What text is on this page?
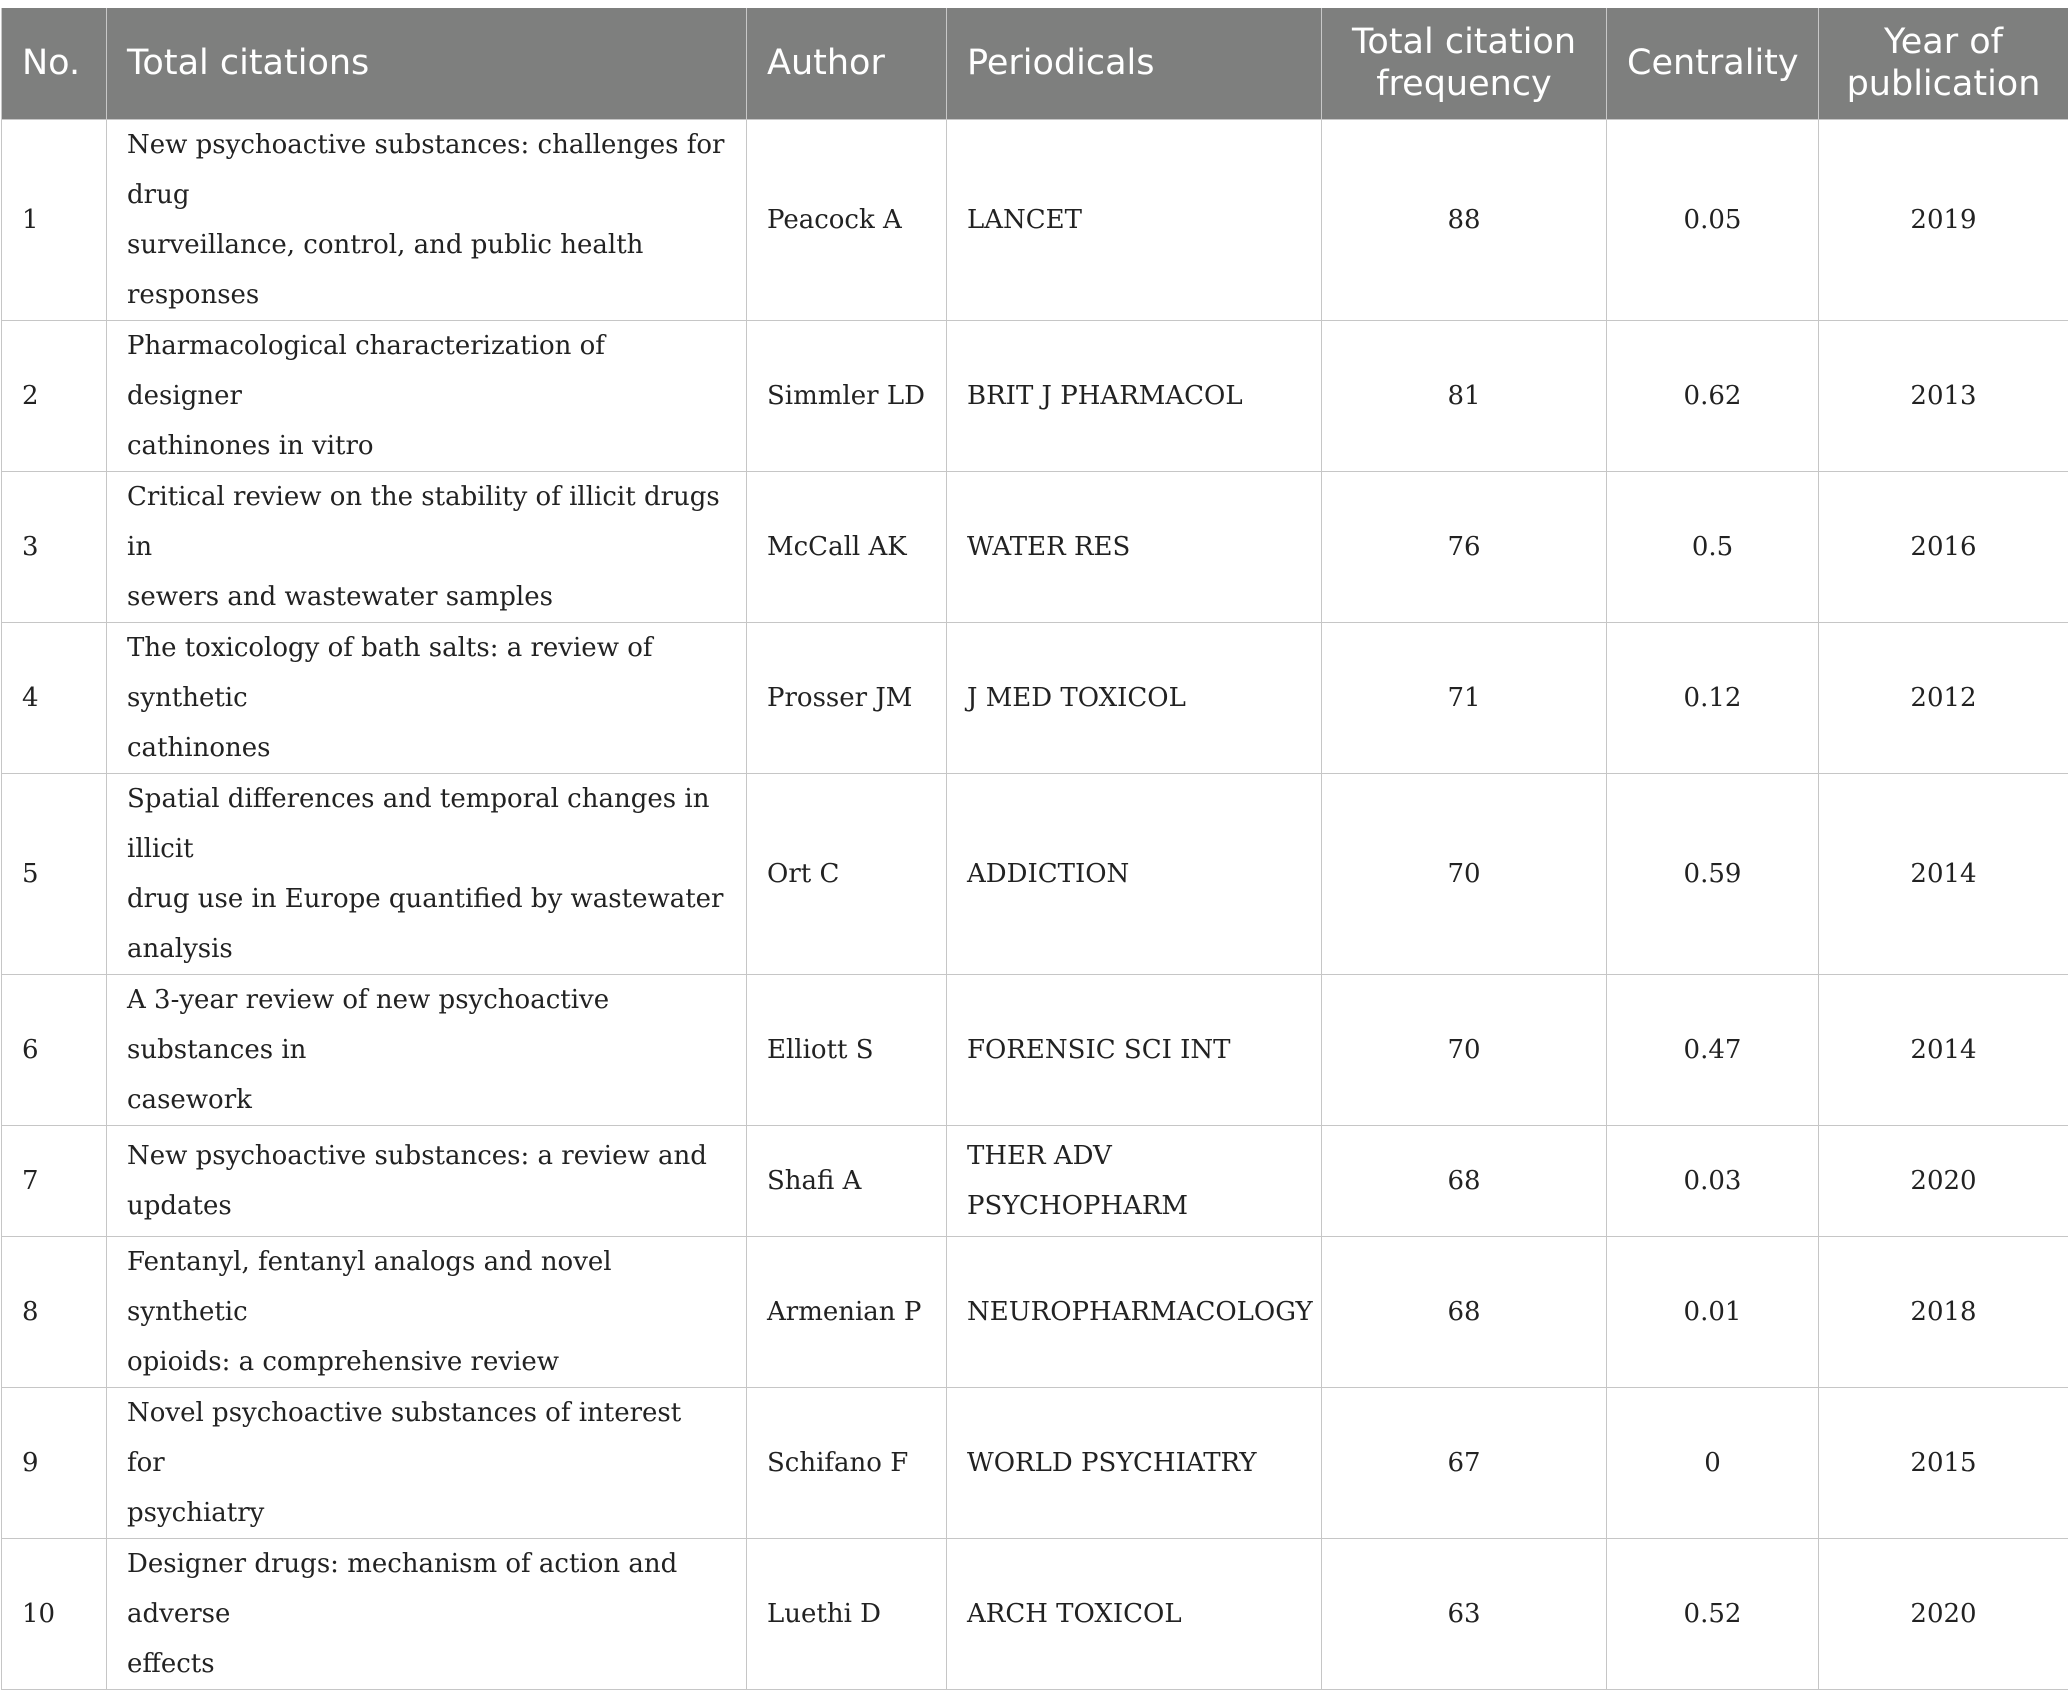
No.	Total citations	Author	Periodicals	Total citation
frequency	Centrality	Year of
publication
1	New psychoactive substances: challenges for drug
surveillance, control, and public health responses	Peacock A	LANCET	88	0.05	2019
2	Pharmacological characterization of designer
cathinones in vitro	Simmler LD	BRIT J PHARMACOL	81	0.62	2013
3	Critical review on the stability of illicit drugs in
sewers and wastewater samples	McCall AK	WATER RES	76	0.5	2016
4	The toxicology of bath salts: a review of synthetic
cathinones	Prosser JM	J MED TOXICOL	71	0.12	2012
5	Spatial differences and temporal changes in illicit
drug use in Europe quantified by wastewater analysis	Ort C	ADDICTION	70	0.59	2014
6	A 3-year review of new psychoactive substances in
casework	Elliott S	FORENSIC SCI INT	70	0.47	2014
7	New psychoactive substances: a review and updates	Shafi A	THER ADV
PSYCHOPHARM	68	0.03	2020
8	Fentanyl, fentanyl analogs and novel synthetic
opioids: a comprehensive review	Armenian P	NEUROPHARMACOLOGY	68	0.01	2018
9	Novel psychoactive substances of interest for
psychiatry	Schifano F	WORLD PSYCHIATRY	67	0	2015
10	Designer drugs: mechanism of action and adverse
effects	Luethi D	ARCH TOXICOL	63	0.52	2020
